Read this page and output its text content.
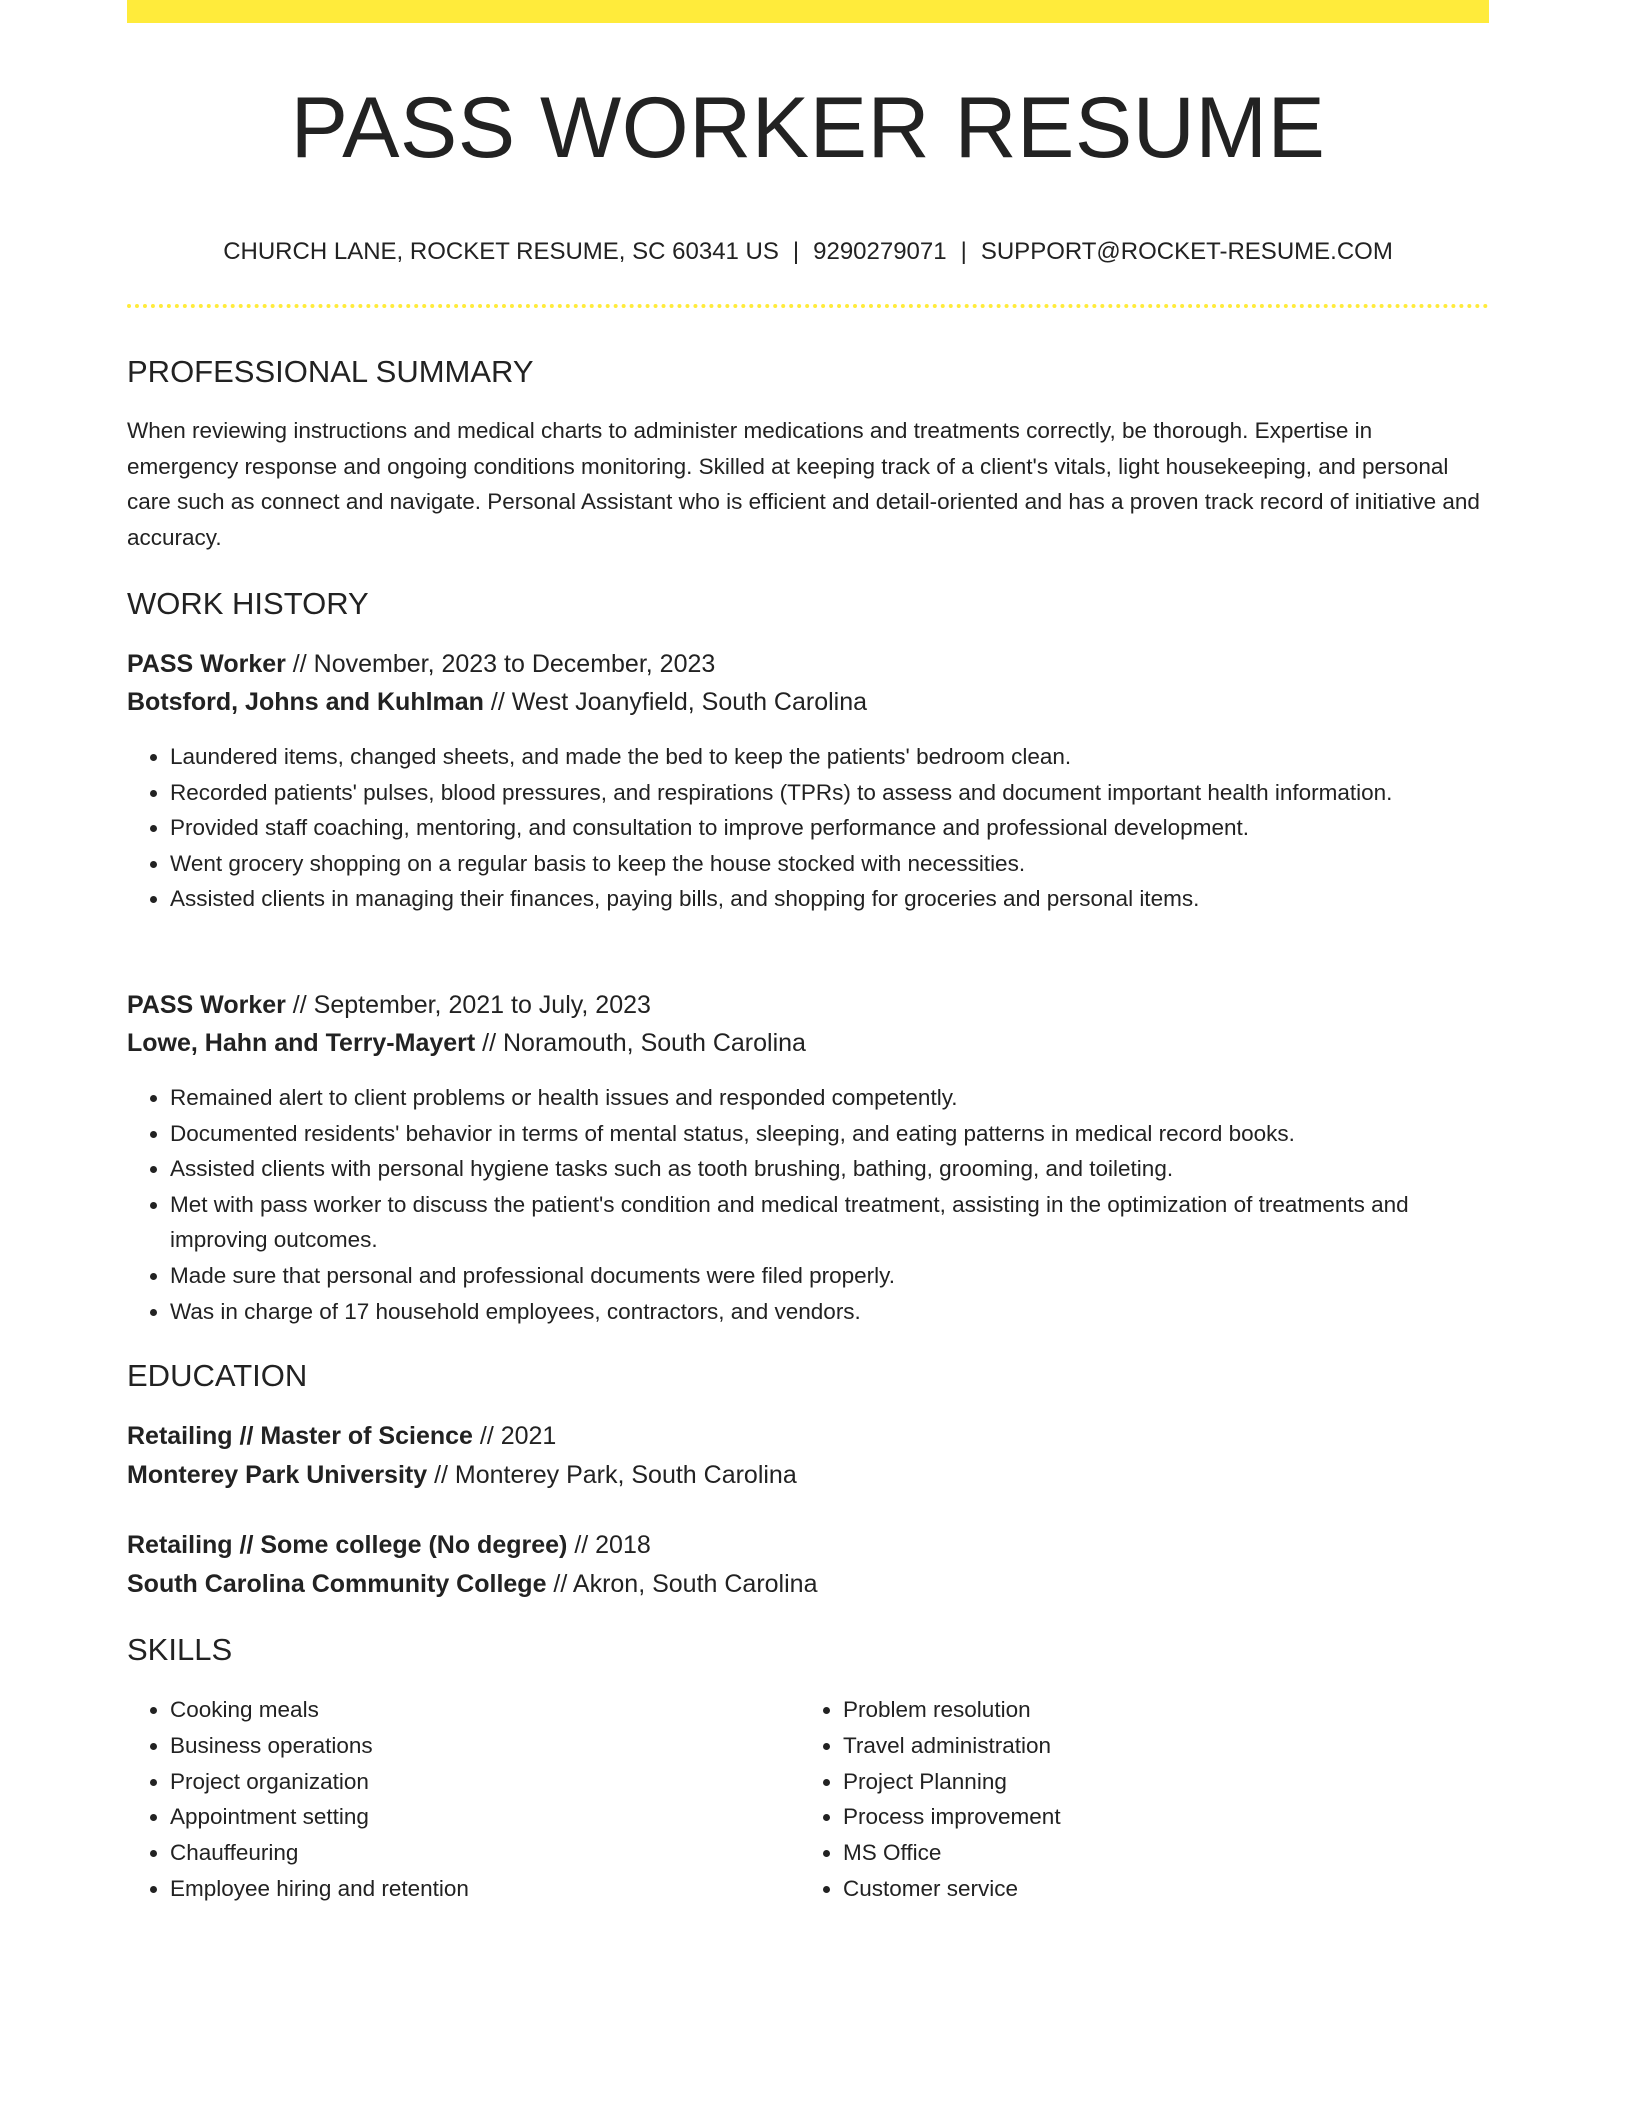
PASS WORKER RESUME
CHURCH LANE, ROCKET RESUME, SC 60341 US | 9290279071 | SUPPORT@ROCKET-RESUME.COM
PROFESSIONAL SUMMARY

When reviewing instructions and medical charts to administer medications and treatments correctly, be thorough. Expertise in emergency response and ongoing conditions monitoring. Skilled at keeping track of a client's vitals, light housekeeping, and personal care such as connect and navigate. Personal Assistant who is efficient and detail-oriented and has a proven track record of initiative and accuracy.

WORK HISTORY
PASS Worker // November, 2023 to December, 2023
Botsford, Johns and Kuhlman // West Joanyfield, South Carolina
• Laundered items, changed sheets, and made the bed to keep the patients' bedroom clean.
• Recorded patients' pulses, blood pressures, and respirations (TPRs) to assess and document important health information.
• Provided staff coaching, mentoring, and consultation to improve performance and professional development.
• Went grocery shopping on a regular basis to keep the house stocked with necessities.
• Assisted clients in managing their finances, paying bills, and shopping for groceries and personal items.
PASS Worker // September, 2021 to July, 2023
Lowe, Hahn and Terry-Mayert // Noramouth, South Carolina
• Remained alert to client problems or health issues and responded competently.
• Documented residents' behavior in terms of mental status, sleeping, and eating patterns in medical record books.
• Assisted clients with personal hygiene tasks such as tooth brushing, bathing, grooming, and toileting.
• Met with pass worker to discuss the patient's condition and medical treatment, assisting in the optimization of treatments and improving outcomes.
• Made sure that personal and professional documents were filed properly.
• Was in charge of 17 household employees, contractors, and vendors.
EDUCATION
Retailing // Master of Science // 2021
Monterey Park University // Monterey Park, South Carolina
Retailing // Some college (No degree) // 2018
South Carolina Community College // Akron, South Carolina
SKILLS
• Cooking meals
• Business operations
• Project organization
• Appointment setting
• Chauffeuring
• Employee hiring and retention
• Problem resolution
• Travel administration
• Project Planning
• Process improvement
• MS Office
• Customer service
